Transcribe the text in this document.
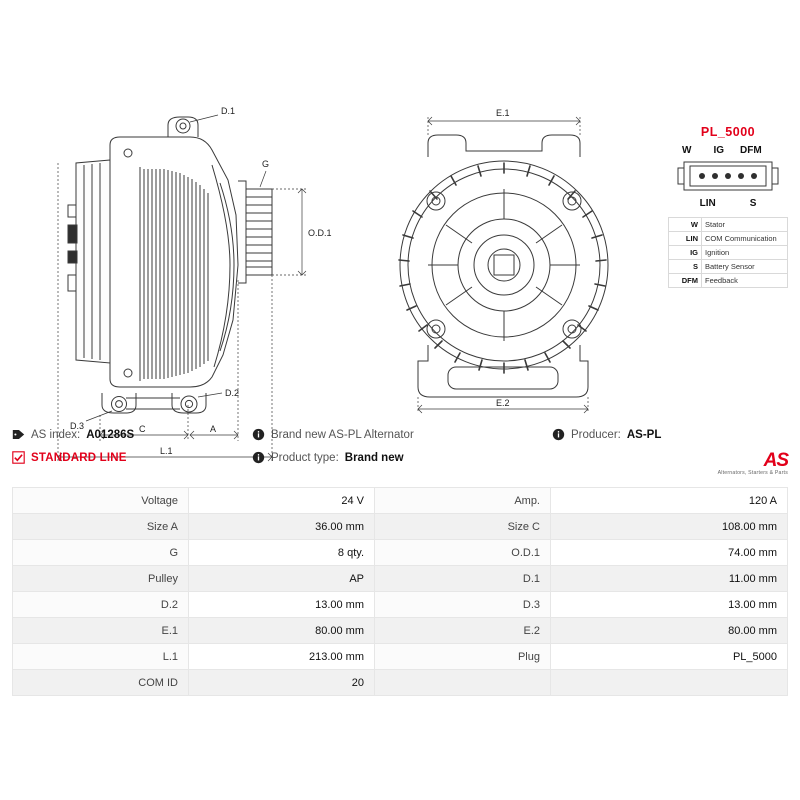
D.1
G
O.D.1
D.2
D.3	C	A
L.1
E.1
E.2
PL_5000
W IG DFM
LIN	S
W	Stator
LIN	COM Communication
IG	Ignition
S	Battery Sensor
DFM	Feedback
AS index: A01286S	Brand new AS-PL Alternator	Producer: AS-PL
STANDARD LINE	Product type: Brand new	AS
Alternators, Starters & Parts
Voltage	24 V	Amp.	120 A
Size A	36.00 mm	Size C	108.00 mm
G	8 qty.	O.D.1	74.00 mm
Pulley	AP	D.1	11.00 mm
D.2	13.00 mm	D.3	13.00 mm
E.1	80.00 mm	E.2	80.00 mm
L.1	213.00 mm	Plug	PL_5000
COM ID	20		
